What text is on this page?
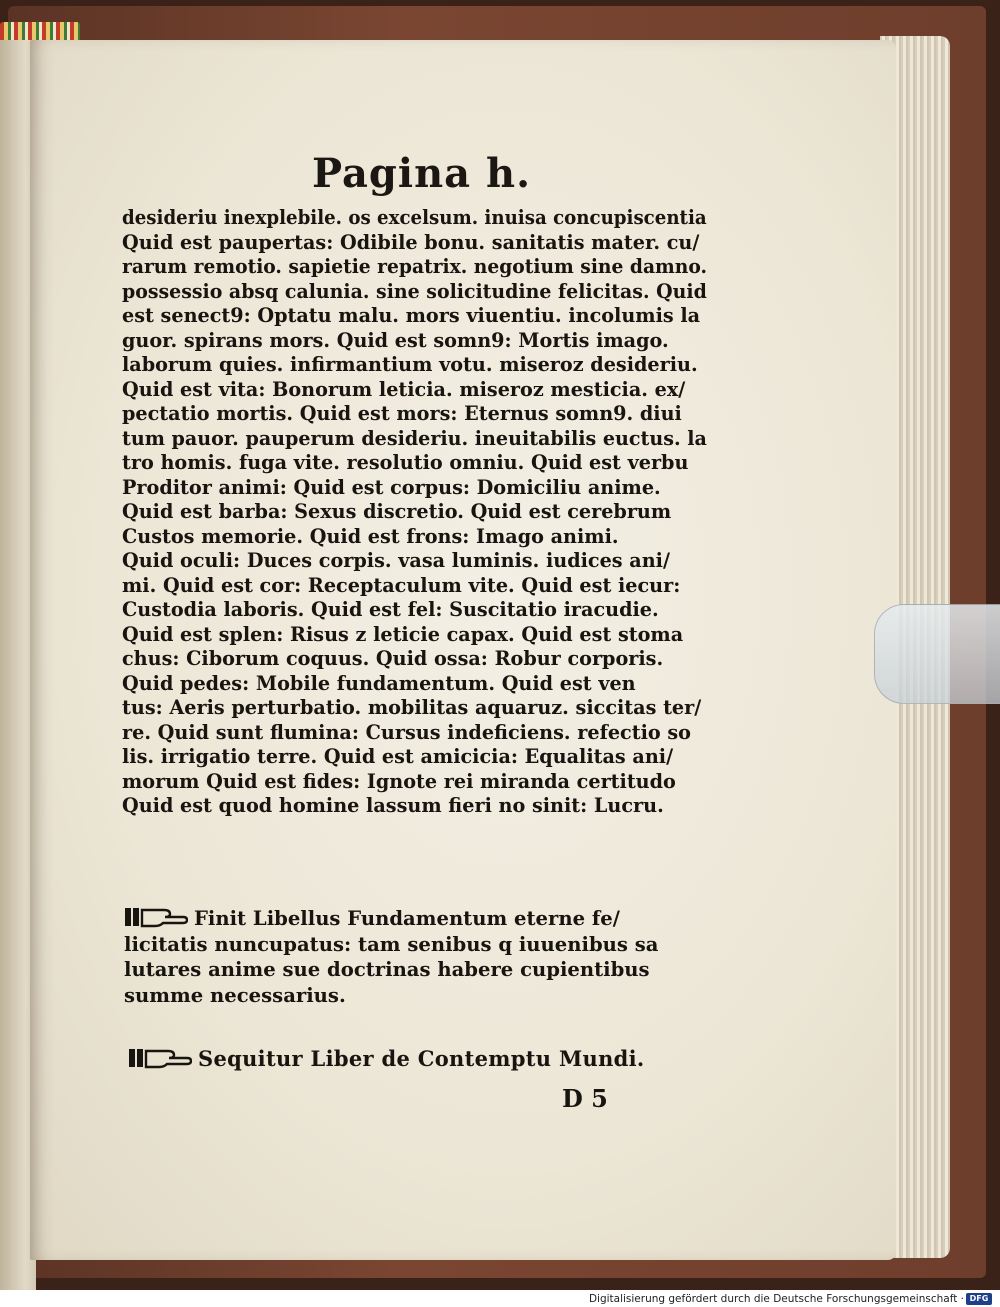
Pagina h.
desideriu inexplebile. os excelsum. inuisa concupiscentia
Quid est paupertas: Odibile bonu. sanitatis mater. cu/
rarum remotio. sapietie repatrix. negotium sine damno.
possessio absq calunia. sine solicitudine felicitas. Quid
est senect9: Optatu malu. mors viuentiu. incolumis la
guor. spirans mors. Quid est somn9: Mortis imago.
laborum quies. infirmantium votu. miseroz desideriu.
Quid est vita: Bonorum leticia. miseroz mesticia. ex/
pectatio mortis. Quid est mors: Eternus somn9. diui
tum pauor. pauperum desideriu. ineuitabilis euctus. la
tro homis. fuga vite. resolutio omniu. Quid est verbu
Proditor animi: Quid est corpus: Domiciliu anime.
Quid est barba: Sexus discretio. Quid est cerebrum
Custos memorie. Quid est frons: Imago animi.
Quid oculi: Duces corpis. vasa luminis. iudices ani/
mi. Quid est cor: Receptaculum vite. Quid est iecur:
Custodia laboris. Quid est fel: Suscitatio iracudie.
Quid est splen: Risus z leticie capax. Quid est stoma
chus: Ciborum coquus. Quid ossa: Robur corporis.
Quid pedes: Mobile fundamentum. Quid est ven
tus: Aeris perturbatio. mobilitas aquaruz. siccitas ter/
re. Quid sunt flumina: Cursus indeficiens. refectio so
lis. irrigatio terre. Quid est amicicia: Equalitas ani/
morum Quid est fides: Ignote rei miranda certitudo
Quid est quod homine lassum fieri no sinit: Lucru.
Finit Libellus Fundamentum eterne fe/
licitatis nuncupatus: tam senibus q iuuenibus sa
lutares anime sue doctrinas habere cupientibus
summe necessarius.
Sequitur Liber de Contemptu Mundi.
D 5
Digitalisierung gefördert durch die Deutsche Forschungsgemeinschaft · DFG
